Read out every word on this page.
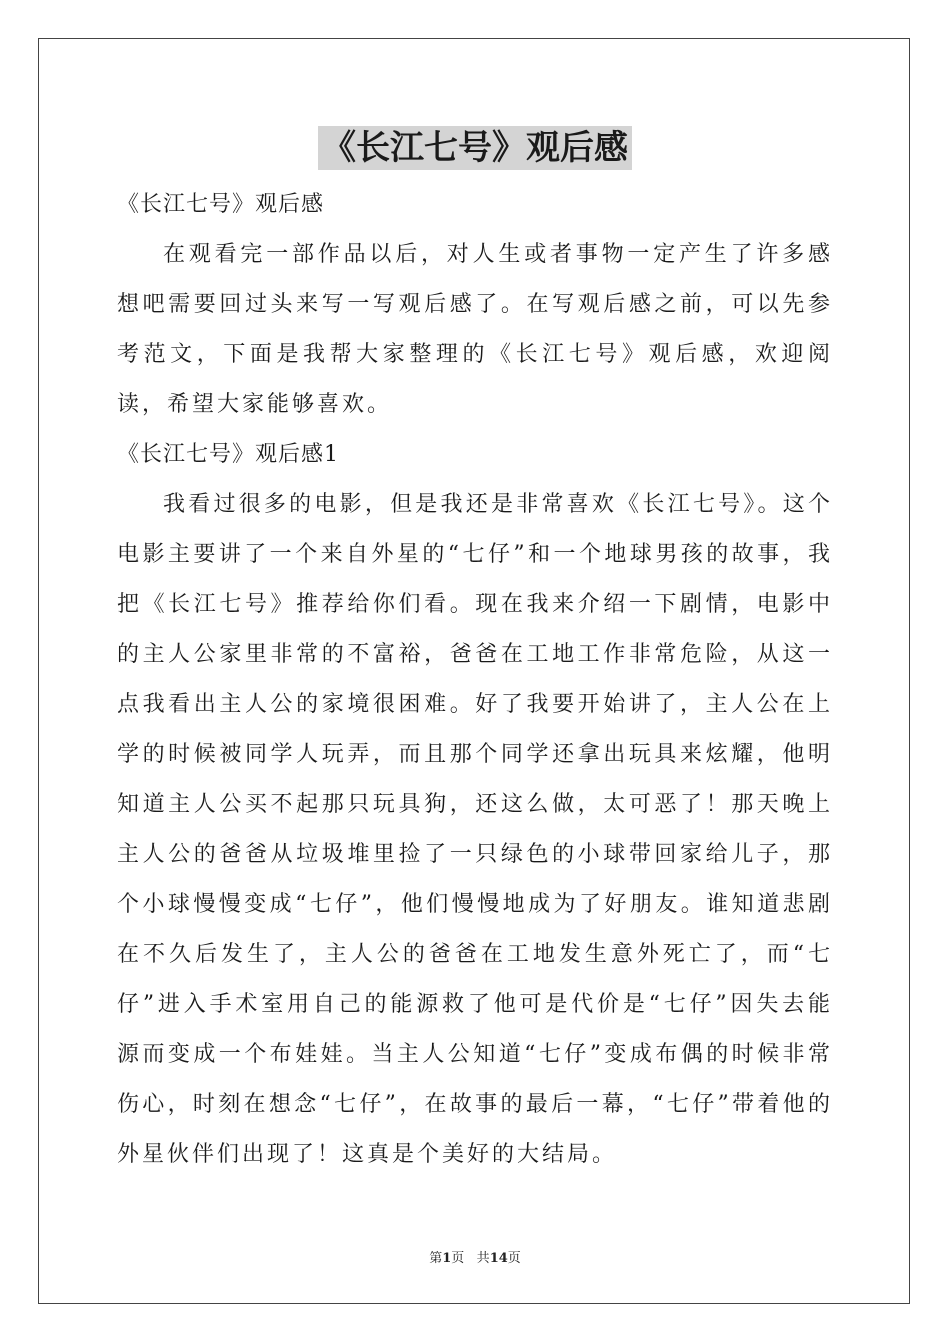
《长江七号》观后感

《长江七号》观后感

在观看完一部作品以后，对人生或者事物一定产生了许多感想吧需要回过头来写一写观后感了。在写观后感之前，可以先参考范文，下面是我帮大家整理的《长江七号》观后感，欢迎阅读，希望大家能够喜欢。

《长江七号》观后感1

我看过很多的电影，但是我还是非常喜欢《长江七号》。这个电影主要讲了一个来自外星的“七仔”和一个地球男孩的故事，我把《长江七号》推荐给你们看。现在我来介绍一下剧情，电影中的主人公家里非常的不富裕，爸爸在工地工作非常危险，从这一点我看出主人公的家境很困难。好了我要开始讲了，主人公在上学的时候被同学人玩弄，而且那个同学还拿出玩具来炫耀，他明知道主人公买不起那只玩具狗，还这么做，太可恶了！那天晚上主人公的爸爸从垃圾堆里捡了一只绿色的小球带回家给儿子，那个小球慢慢变成“七仔”，他们慢慢地成为了好朋友。谁知道悲剧在不久后发生了，主人公的爸爸在工地发生意外死亡了，而“七仔”进入手术室用自己的能源救了他可是代价是“七仔”因失去能源而变成一个布娃娃。当主人公知道“七仔”变成布偶的时候非常伤心，时刻在想念“七仔”，在故事的最后一幕，“七仔”带着他的外星伙伴们出现了！这真是个美好的大结局。

第1页 共14页
